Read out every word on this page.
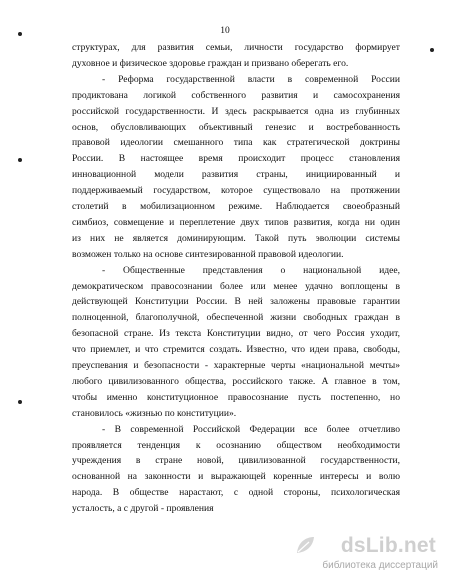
10
структурах, для развития семьи, личности государство формирует
духовное и физическое здоровье граждан и призвано оберегать его.
- Реформа государственной власти в современной России
продиктована логикой собственного развития и самосохранения
российской государственности. И здесь раскрывается одна из глубинных
основ, обусловливающих объективный генезис и востребованность
правовой идеологии смешанного типа как стратегической доктрины
России. В настоящее время происходит процесс становления
инновационной модели развития страны, инициированный и
поддерживаемый государством, которое существовало на протяжении
столетий в мобилизационном режиме. Наблюдается своеобразный
симбиоз, совмещение и переплетение двух типов развития, когда ни один
из них не является доминирующим. Такой путь эволюции системы
возможен только на основе синтезированной правовой идеологии.
- Общественные представления о национальной идее,
демократическом правосознании более или менее удачно воплощены в
действующей Конституции России. В ней заложены правовые гарантии
полноценной, благополучной, обеспеченной жизни свободных граждан в
безопасной стране. Из текста Конституции видно, от чего Россия уходит,
что приемлет, и что стремится создать. Известно, что идеи права, свободы,
преуспевания и безопасности - характерные черты «национальной мечты»
любого цивилизованного общества, российского также. А главное в том,
чтобы именно конституционное правосознание пусть постепенно, но
становилось «жизнью по конституции».
- В современной Российской Федерации все более отчетливо
проявляется тенденция к осознанию обществом необходимости
учреждения в стране новой, цивилизованной государственности,
основанной на законности и выражающей коренные интересы и волю
народа. В обществе нарастают, с одной стороны, психологическая
усталость, а с другой - проявления
dsLib.net
библиотека диссертаций
